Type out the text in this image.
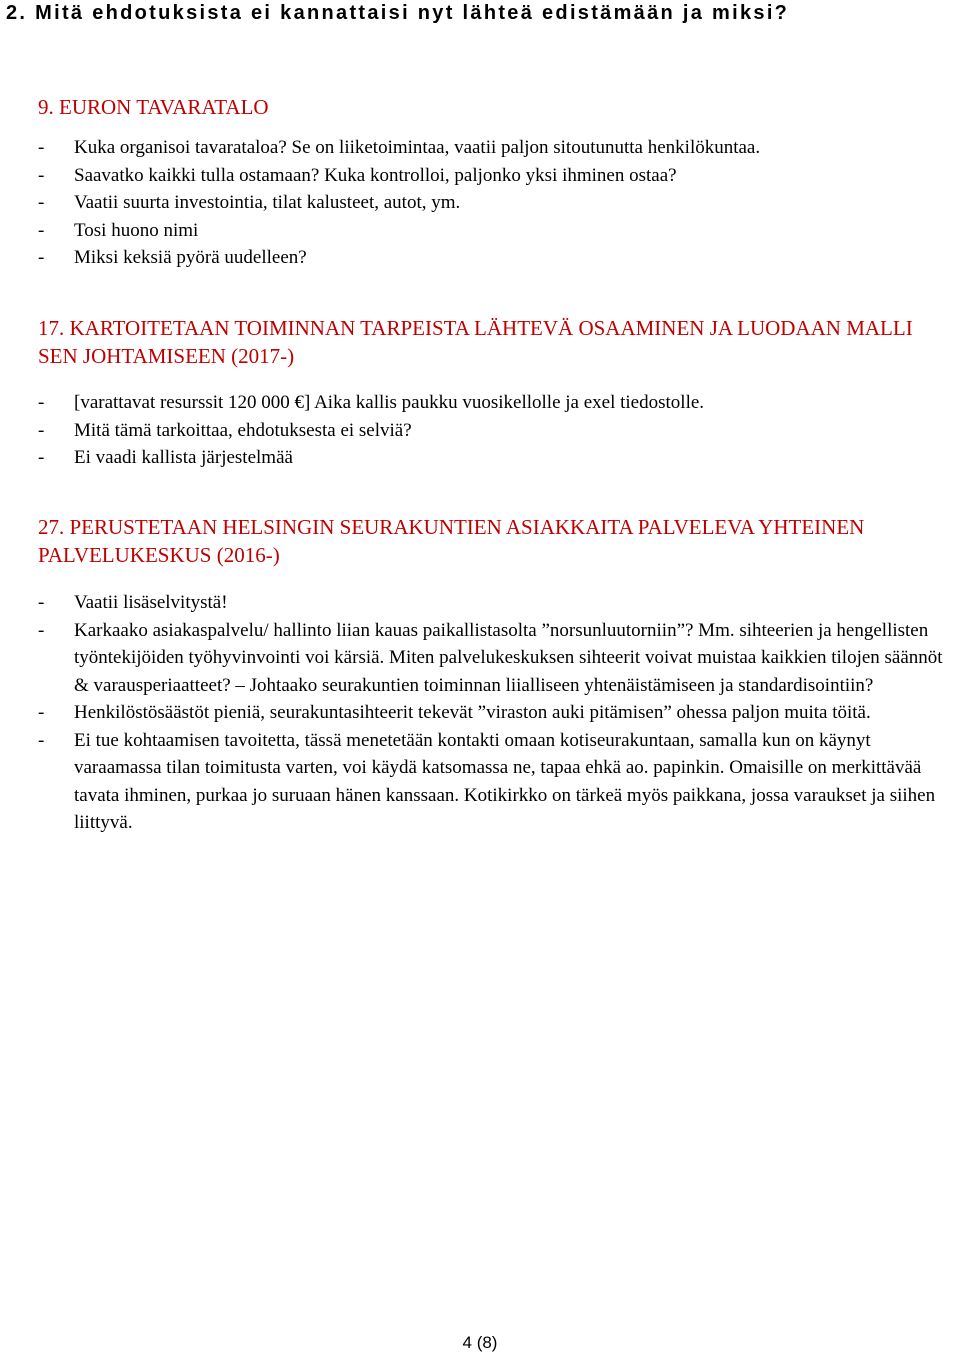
2. Mitä ehdotuksista ei kannattaisi nyt lähteä edistämään ja miksi?
9. EURON TAVARATALO
- Kuka organisoi tavarataloa? Se on liiketoimintaa, vaatii paljon sitoutunutta henkilökuntaa.
- Saavatko kaikki tulla ostamaan? Kuka kontrolloi, paljonko yksi ihminen ostaa?
- Vaatii suurta investointia, tilat kalusteet, autot, ym.
- Tosi huono nimi
- Miksi keksiä pyörä uudelleen?
17. KARTOITETAAN TOIMINNAN TARPEISTA LÄHTEVÄ OSAAMINEN JA LUODAAN MALLI SEN JOHTAMISEEN (2017-)
- [varattavat resurssit 120 000 €] Aika kallis paukku vuosikellolle ja exel tiedostolle.
- Mitä tämä tarkoittaa, ehdotuksesta ei selviä?
- Ei vaadi kallista järjestelmää
27. PERUSTETAAN HELSINGIN SEURAKUNTIEN ASIAKKAITA PALVELEVA YHTEINEN PALVELUKESKUS (2016-)
- Vaatii lisäselvitystä!
- Karkaako asiakaspalvelu/ hallinto liian kauas paikallistasolta ”norsunluutorniin”? Mm. sihteerien ja hengellisten työntekijöiden työhyvinvointi voi kärsiä. Miten palvelukeskuksen sihteerit voivat muistaa kaikkien tilojen säännöt & varausperiaatteet? – Johtaako seurakuntien toiminnan liialliseen yhtenäistämiseen ja standardisointiin?
- Henkilöstösäästöt pieniä, seurakuntasihteerit tekevät ”viraston auki pitämisen” ohessa paljon muita töitä.
- Ei tue kohtaamisen tavoitetta, tässä menetetään kontakti omaan kotiseurakuntaan, samalla kun on käynyt varaamassa tilan toimitusta varten, voi käydä katsomassa ne, tapaa ehkä ao. papinkin. Omaisille on merkittävää tavata ihminen, purkaa jo suruaan hänen kanssaan. Kotikirkko on tärkeä myös paikkana, jossa varaukset ja siihen liittyvä.
4 (8)
